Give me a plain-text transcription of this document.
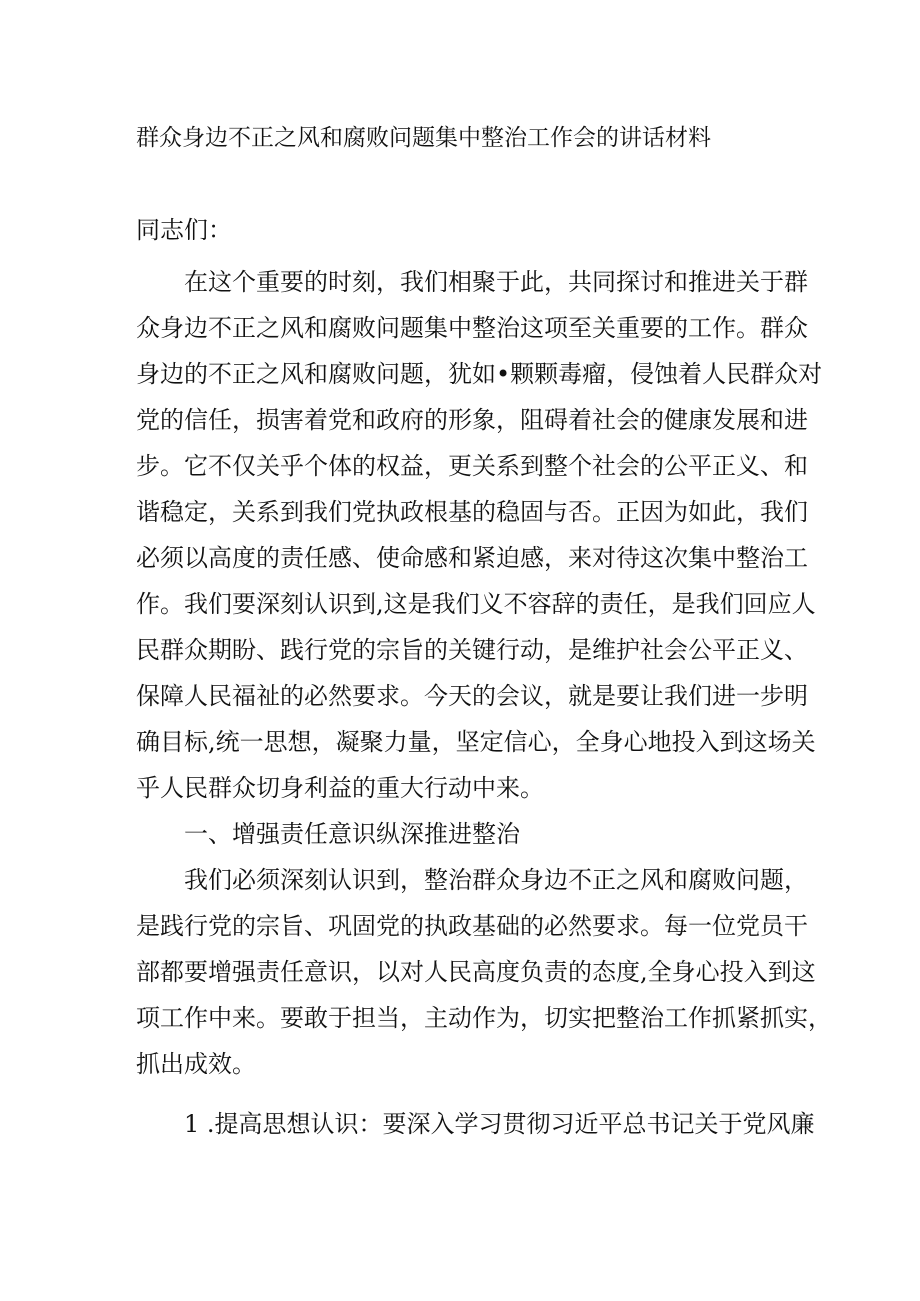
群众身边不正之风和腐败问题集中整治工作会的讲话材料
同志们：
在这个重要的时刻，我们相聚于此，共同探讨和推进关于群
众身边不正之风和腐败问题集中整治这项至关重要的工作。群众
身边的不正之风和腐败问题，犹如•颗颗毒瘤，侵蚀着人民群众对
党的信任，损害着党和政府的形象，阻碍着社会的健康发展和进
步。它不仅关乎个体的权益，更关系到整个社会的公平正义、和
谐稳定，关系到我们党执政根基的稳固与否。正因为如此，我们
必须以高度的责任感、使命感和紧迫感，来对待这次集中整治工
作。我们要深刻认识到,这是我们义不容辞的责任，是我们回应人
民群众期盼、践行党的宗旨的关键行动，是维护社会公平正义、
保障人民福祉的必然要求。今天的会议，就是要让我们进一步明
确目标,统一思想，凝聚力量，坚定信心，全身心地投入到这场关
乎人民群众切身利益的重大行动中来。
一、增强责任意识纵深推进整治
我们必须深刻认识到，整治群众身边不正之风和腐败问题，
是践行党的宗旨、巩固党的执政基础的必然要求。每一位党员干
部都要增强责任意识，以对人民高度负责的态度,全身心投入到这
项工作中来。要敢于担当，主动作为，切实把整治工作抓紧抓实，
抓出成效。
1 .提高思想认识：要深入学习贯彻习近平总书记关于党风廉
